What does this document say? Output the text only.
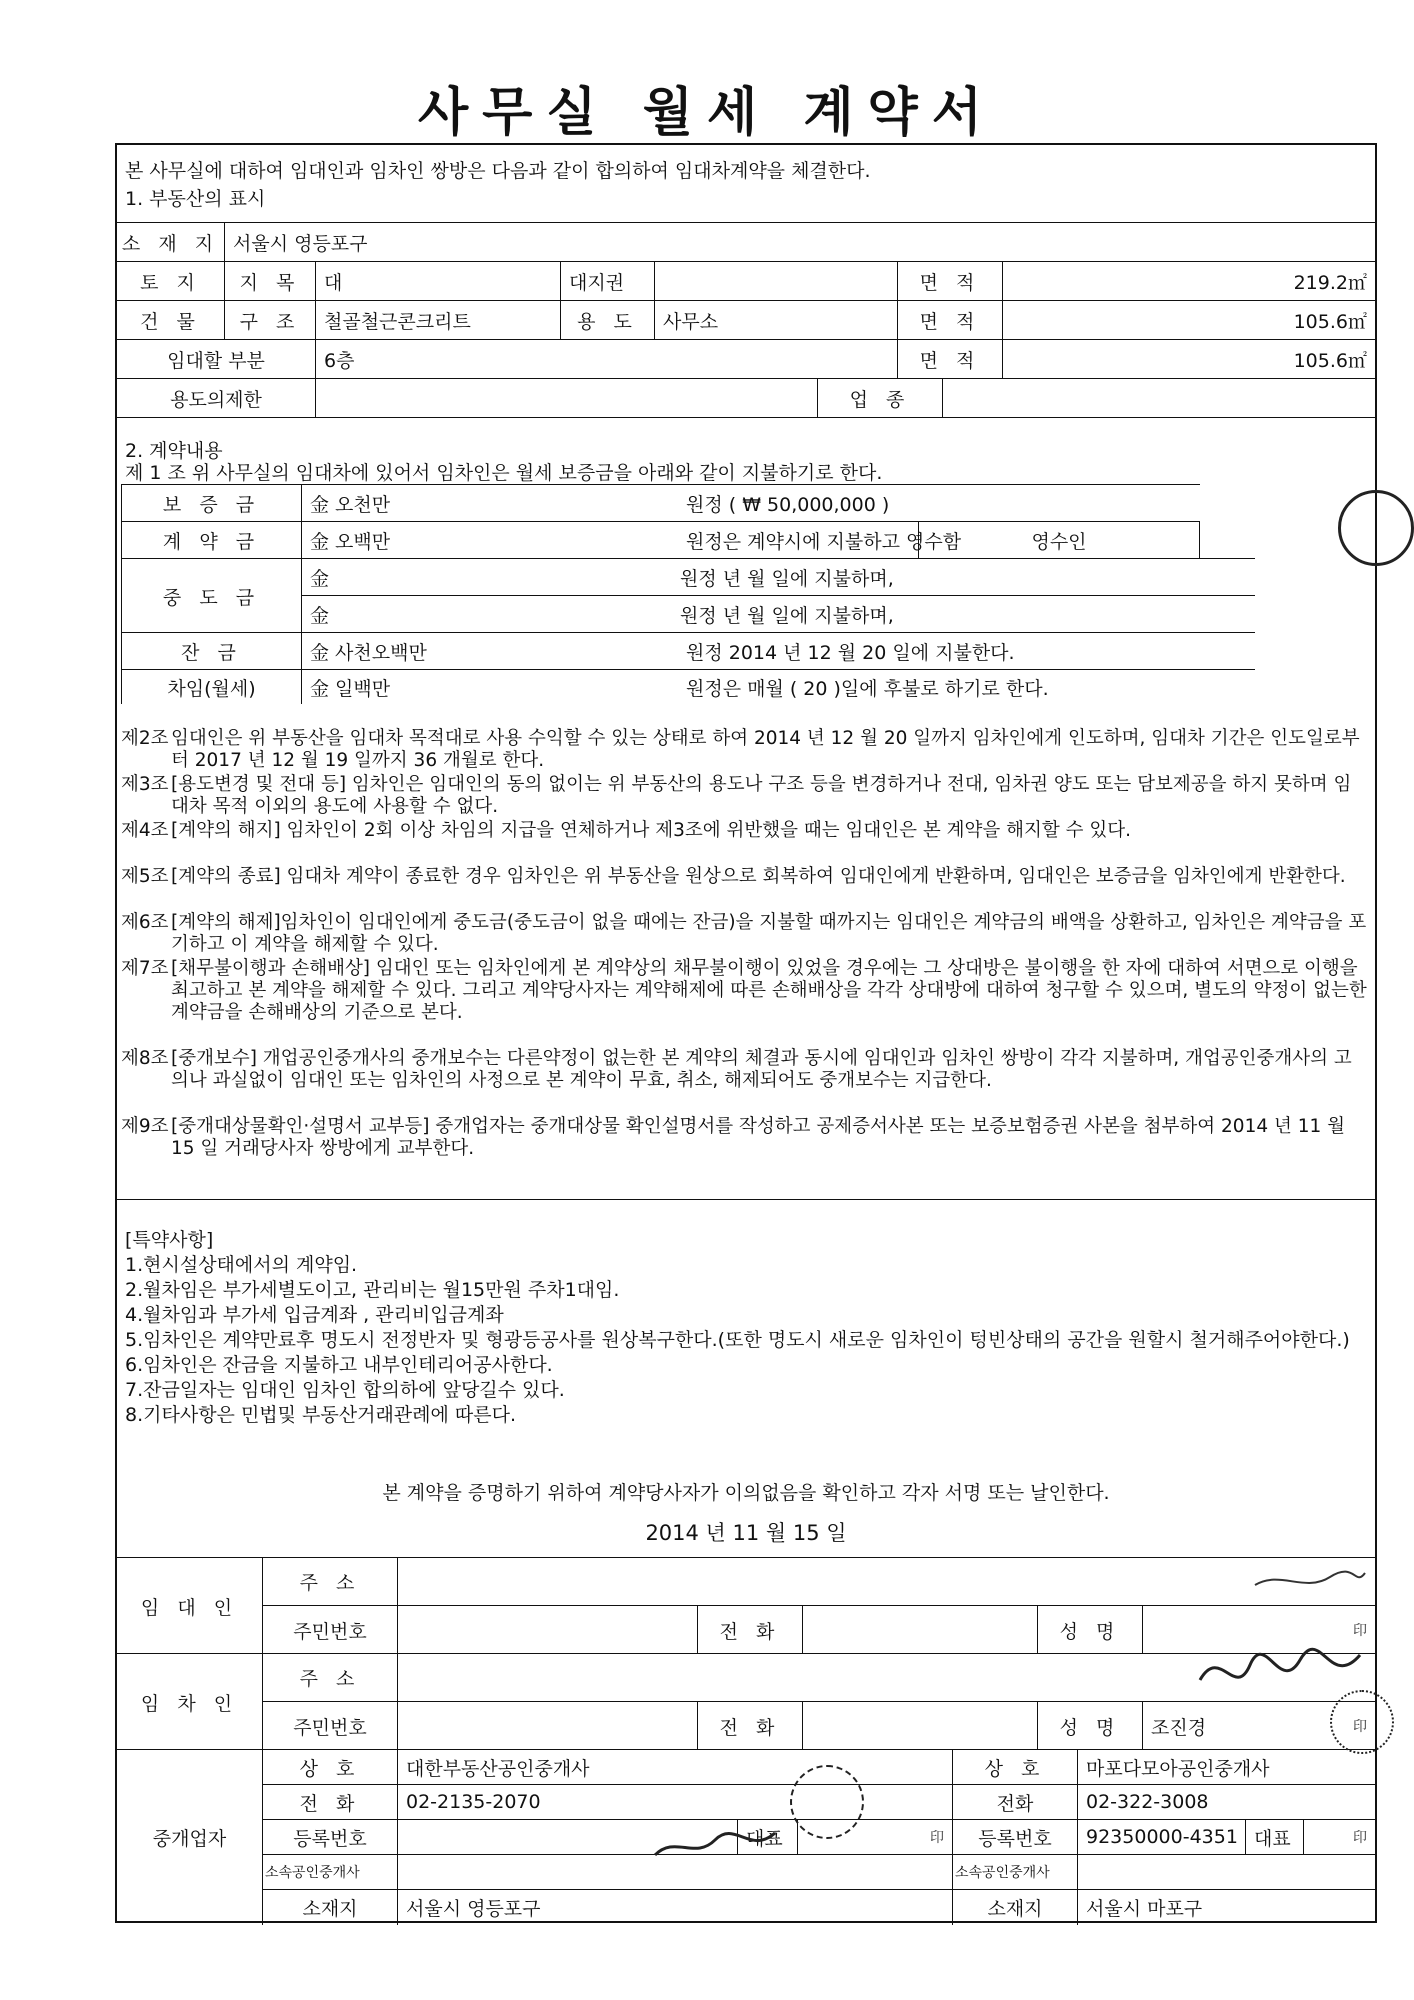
사무실 월세 계약서
본 사무실에 대하여 임대인과 임차인 쌍방은 다음과 같이 합의하여 임대차계약을 체결한다.
1. 부동산의 표시
소 재 지 서울시 영등포구
토 지	지 목	대	대지권	면 적	219.2㎡
건 물	구 조	철골철근콘크리트	용 도	사무소	면 적	105.6㎡
임대할 부분	6층	면 적	105.6㎡
용도의제한	업 종
2. 계약내용
제 1 조 위 사무실의 임대차에 있어서 임차인은 월세 보증금을 아래와 같이 지불하기로 한다.
보 증 금	金 오천만	원정 ( ₩ 50,000,000 )
계 약 금	金 오백만	원정은 계약시에 지불하고 영수함	영수인
중 도 금
金	원정 년 월 일에 지불하며,
金	원정 년 월 일에 지불하며,
잔 금	金 사천오백만	원정 2014 년 12 월 20 일에 지불한다.
차임(월세)	金 일백만	원정은 매월 ( 20 )일에 후불로 하기로 한다.
제2조 임대인은 위 부동산을 임대차 목적대로 사용 수익할 수 있는 상태로 하여 2014 년 12 월 20 일까지 임차인에게 인도하며, 임대차 기간은 인도일로부터 2017 년 12 월 19 일까지 36 개월로 한다.
제3조 [용도변경 및 전대 등] 임차인은 임대인의 동의 없이는 위 부동산의 용도나 구조 등을 변경하거나 전대, 임차권 양도 또는 담보제공을 하지 못하며 임대차 목적 이외의 용도에 사용할 수 없다.
제4조 [계약의 해지] 임차인이 2회 이상 차임의 지급을 연체하거나 제3조에 위반했을 때는 임대인은 본 계약을 해지할 수 있다.
제5조 [계약의 종료] 임대차 계약이 종료한 경우 임차인은 위 부동산을 원상으로 회복하여 임대인에게 반환하며, 임대인은 보증금을 임차인에게 반환한다.
제6조 [계약의 해제]임차인이 임대인에게 중도금(중도금이 없을 때에는 잔금)을 지불할 때까지는 임대인은 계약금의 배액을 상환하고, 임차인은 계약금을 포기하고 이 계약을 해제할 수 있다.
제7조 [채무불이행과 손해배상] 임대인 또는 임차인에게 본 계약상의 채무불이행이 있었을 경우에는 그 상대방은 불이행을 한 자에 대하여 서면으로 이행을 최고하고 본 계약을 해제할 수 있다. 그리고 계약당사자는 계약해제에 따른 손해배상을 각각 상대방에 대하여 청구할 수 있으며, 별도의 약정이 없는한 계약금을 손해배상의 기준으로 본다.
제8조 [중개보수] 개업공인중개사의 중개보수는 다른약정이 없는한 본 계약의 체결과 동시에 임대인과 임차인 쌍방이 각각 지불하며, 개업공인중개사의 고의나 과실없이 임대인 또는 임차인의 사정으로 본 계약이 무효, 취소, 해제되어도 중개보수는 지급한다.
제9조 [중개대상물확인·설명서 교부등] 중개업자는 중개대상물 확인설명서를 작성하고 공제증서사본 또는 보증보험증권 사본을 첨부하여 2014 년 11 월 15 일 거래당사자 쌍방에게 교부한다.
[특약사항]
1.현시설상태에서의 계약임.
2.월차임은 부가세별도이고, 관리비는 월15만원 주차1대임.
4.월차임과 부가세 입금계좌 , 관리비입금계좌
5.임차인은 계약만료후 명도시 전정반자 및 형광등공사를 원상복구한다.(또한 명도시 새로운 임차인이 텅빈상태의 공간을 원할시 철거해주어야한다.)
6.임차인은 잔금을 지불하고 내부인테리어공사한다.
7.잔금일자는 임대인 임차인 합의하에 앞당길수 있다.
8.기타사항은 민법및 부동산거래관례에 따른다.
본 계약을 증명하기 위하여 계약당사자가 이의없음을 확인하고 각자 서명 또는 날인한다.
2014 년 11 월 15 일
임 대 인
주 소
주민번호	전 화	성 명	印
임 차 인
주 소
주민번호	전 화	성 명	조진경	印
중개업자
상 호	대한부동산공인중개사
전 화	02-2135-2070
등록번호	대표	印
소속공인중개사
소재지	서울시 영등포구
상 호	마포다모아공인중개사
전화	02-322-3008
등록번호	92350000-4351 대표	印
소속공인중개사
소재지	서울시 마포구
